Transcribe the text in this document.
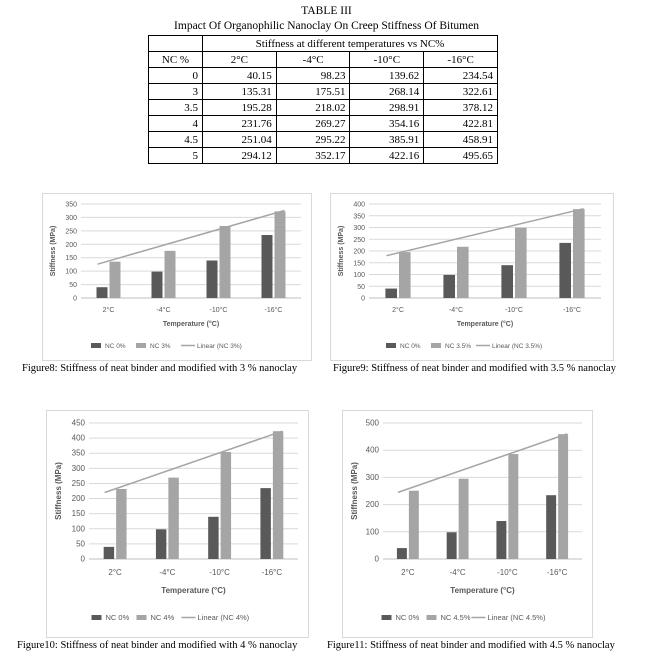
TABLE III
Impact Of Organophilic Nanoclay On Creep Stiffness Of Bitumen
	Stiffness at different temperatures vs NC%			
NC %	2°C	-4°C	-10°C	-16°C
0	40.15	98.23	139.62	234.54
3	135.31	175.51	268.14	322.61
3.5	195.28	218.02	298.91	378.12
4	231.76	269.27	354.16	422.81
4.5	251.04	295.22	385.91	458.91
5	294.12	352.17	422.16	495.65
0
50
100
150
200
250
300
350
2°C	-4°C	-10°C	-16°C
Temperature (°C)
Stiffness (MPa)
NC 0%	NC 3%	Linear (NC 3%)
Figure8: Stiffness of neat binder and modified with 3 % nanoclay
0
50
100
150
200
250
300
350
400
2°C	-4°C	-10°C	-16°C
Temperature (°C)
Stiffness (MPa)
NC 0%	NC 3.5%	Linear (NC 3.5%)
Figure9: Stiffness of neat binder and modified with 3.5 % nanoclay
0
50
100
150
200
250
300
350
400
450
2°C	-4°C	-10°C	-16°C
Temperature (°C)
Stiffness (MPa)
NC 0%	NC 4%	Linear (NC 4%)
Figure10: Stiffness of neat binder and modified with 4 % nanoclay
0
100
200
300
400
500
2°C	-4°C	-10°C	-16°C
Temperature (°C)
Stiffness (MPa)
NC 0%	NC 4.5% Linear (NC 4.5%)
Figure11: Stiffness of neat binder and modified with 4.5 % nanoclay
